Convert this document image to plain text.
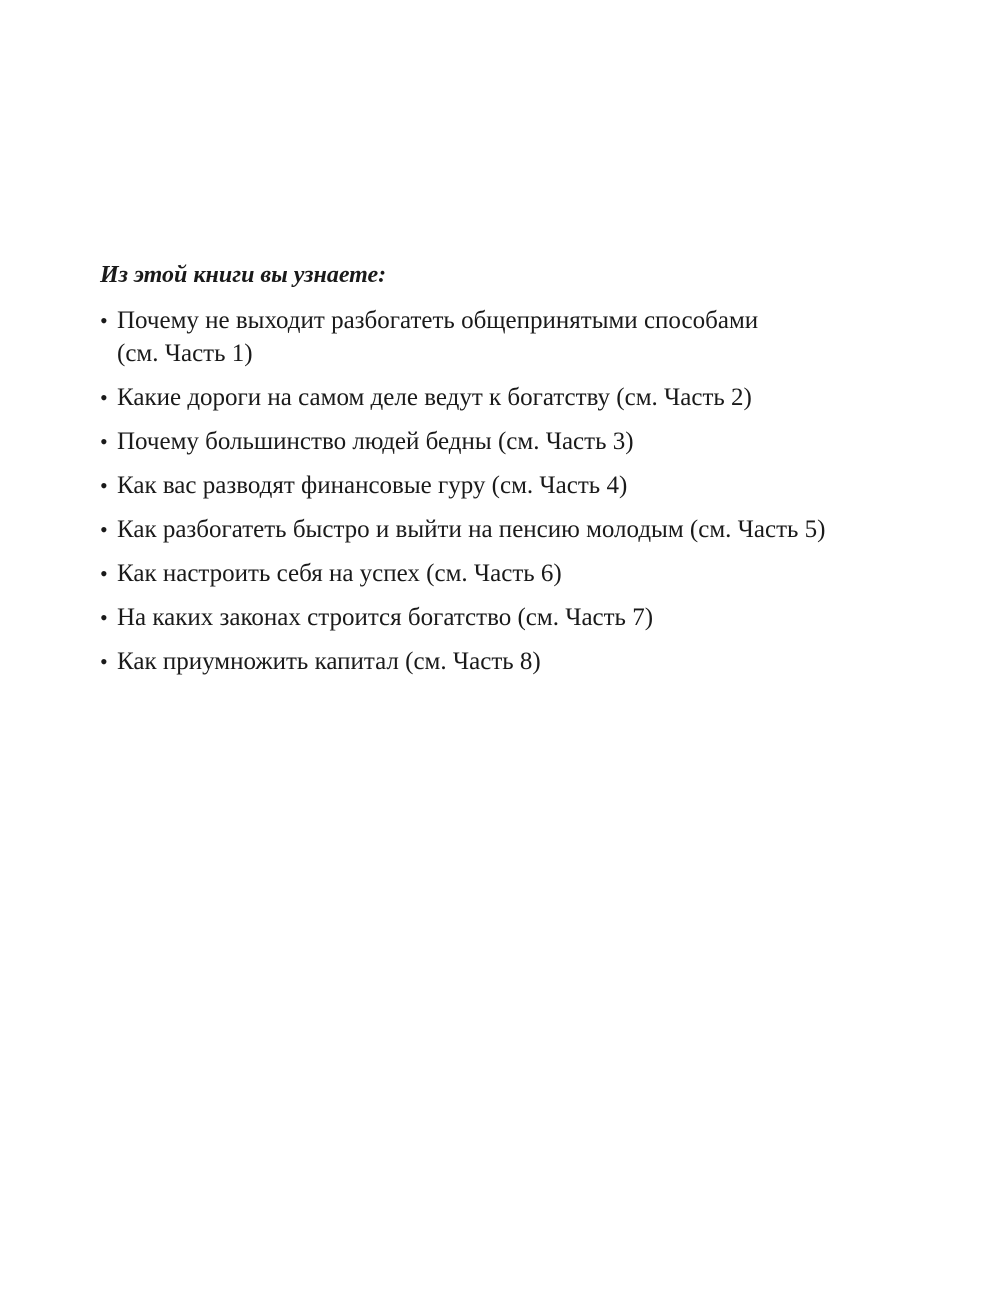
Из этой книги вы узнаете:
• Почему не выходит разбогатеть общепринятыми способами (см. Часть 1)
• Какие дороги на самом деле ведут к богатству (см. Часть 2)
• Почему большинство людей бедны (см. Часть 3)
• Как вас разводят финансовые гуру (см. Часть 4)
• Как разбогатеть быстро и выйти на пенсию молодым (см. Часть 5)
• Как настроить себя на успех (см. Часть 6)
• На каких законах строится богатство (см. Часть 7)
• Как приумножить капитал (см. Часть 8)
